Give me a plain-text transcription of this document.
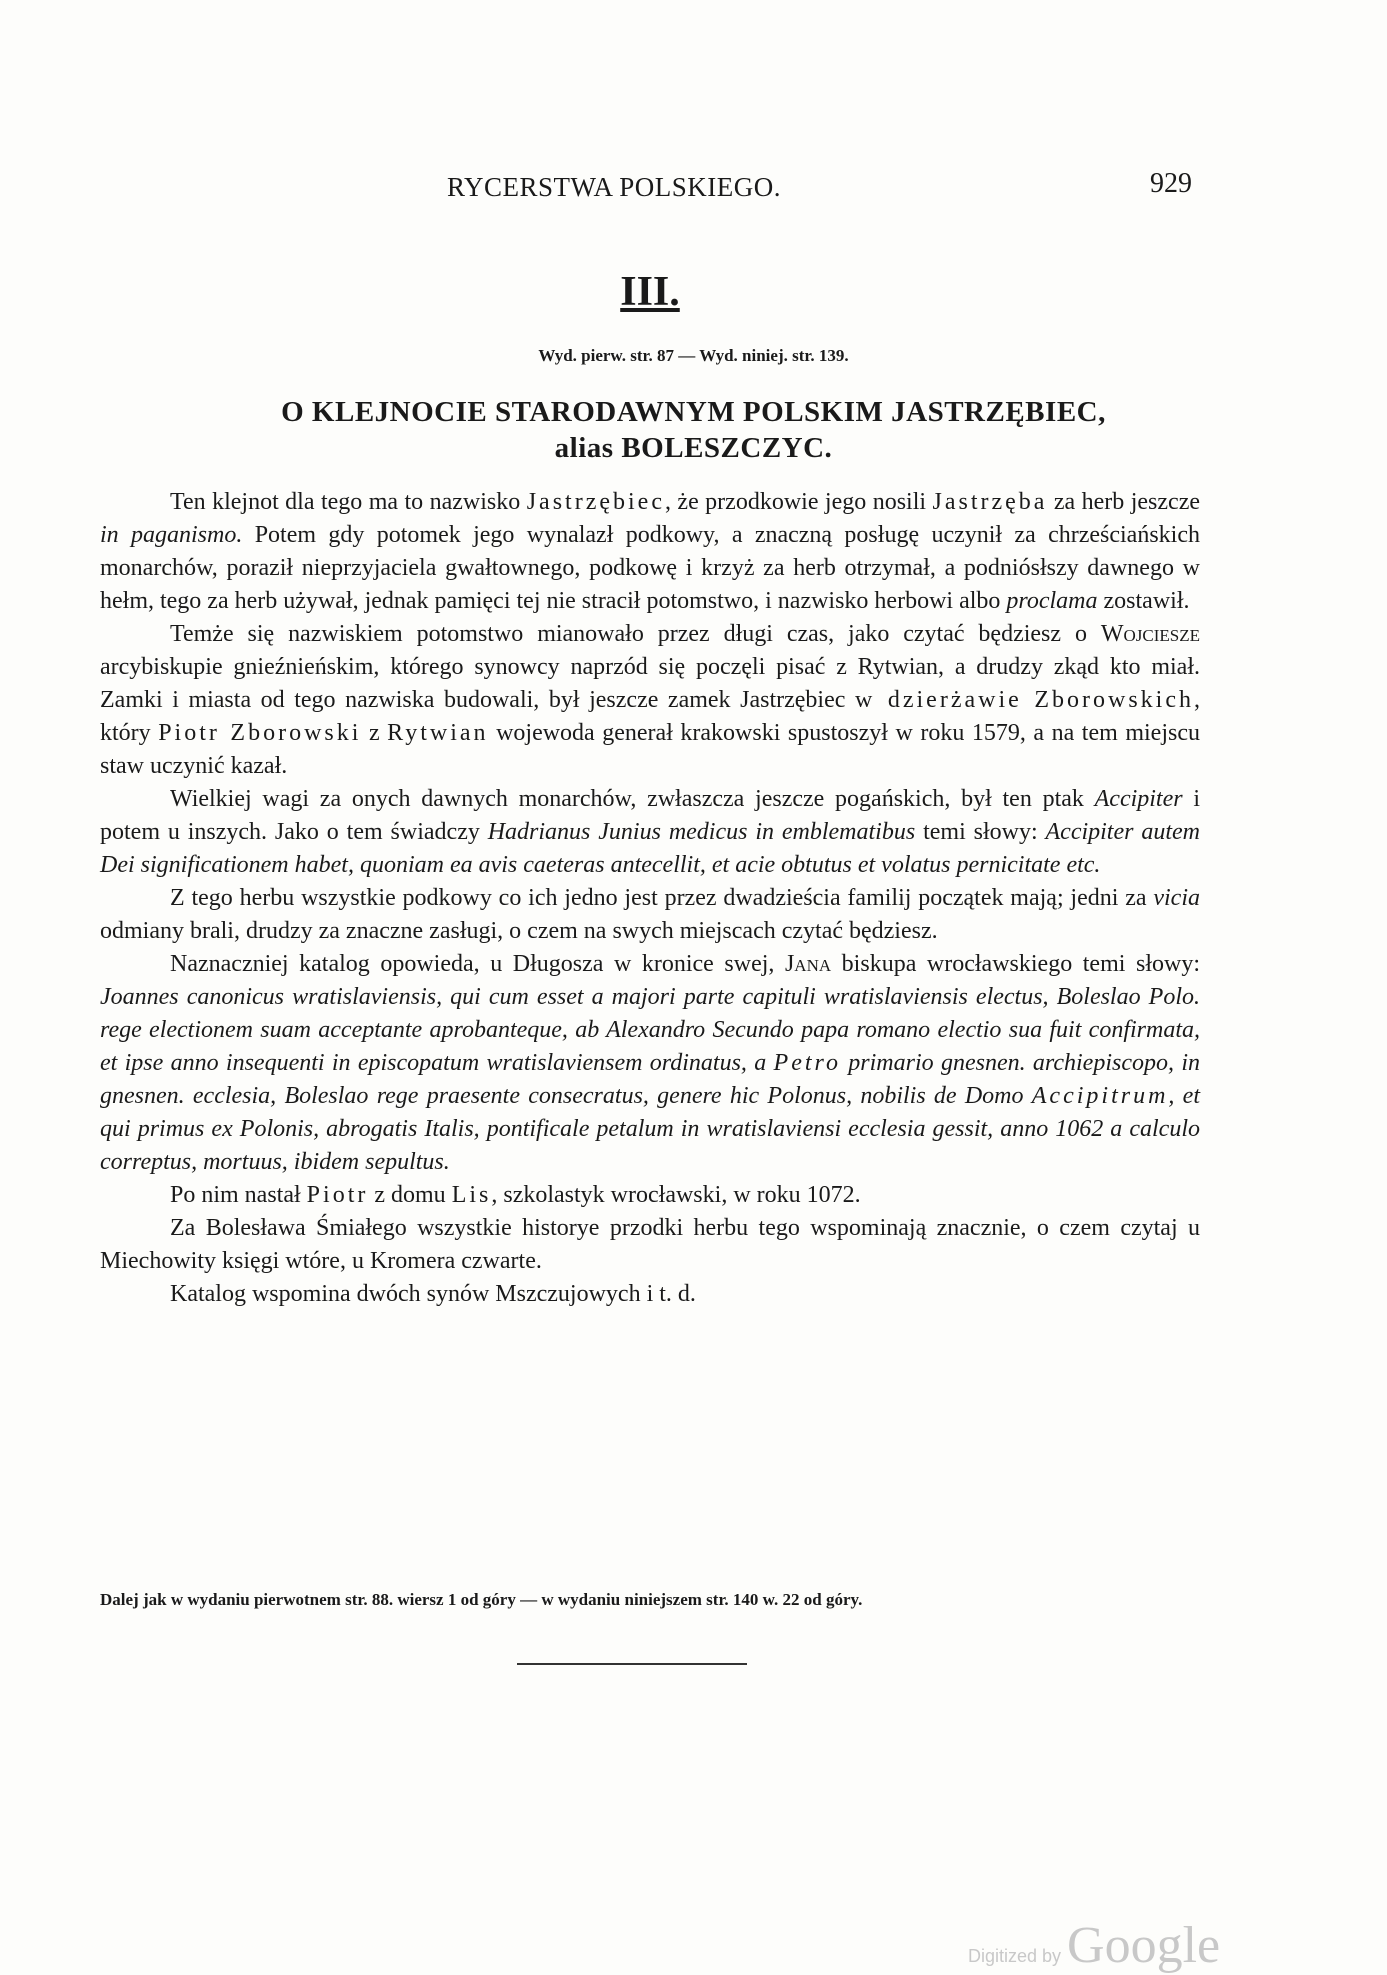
RYCERSTWA POLSKIEGO.	929
III.
Wyd. pierw. str. 87 — Wyd. niniej. str. 139.
O KLEJNOCIE STARODAWNYM POLSKIM JASTRZĘBIEC,
alias BOLESZCZYC.

Ten klejnot dla tego ma to nazwisko Jastrzębiec, że przodkowie jego nosili Jastrzęba za herb jeszcze in paganismo. Potem gdy potomek jego wynalazł podkowy, a znaczną posługę uczynił za chrześciańskich monarchów, poraził nieprzyjaciela gwałtownego, podkowę i krzyż za herb otrzymał, a podniósłszy dawnego w hełm, tego za herb używał, jednak pamięci tej nie stracił potomstwo, i nazwisko herbowi albo proclama zostawił.

Temże się nazwiskiem potomstwo mianowało przez długi czas, jako czytać będziesz o Wojciesze arcybiskupie gnieźnieńskim, którego synowcy naprzód się poczęli pisać z Rytwian, a drudzy zkąd kto miał. Zamki i miasta od tego nazwiska budowali, był jeszcze zamek Jastrzębiec w dzierżawie Zborowskich, który Piotr Zborowski z Rytwian wojewoda generał krakowski spustoszył w roku 1579, a na tem miejscu staw uczynić kazał.

Wielkiej wagi za onych dawnych monarchów, zwłaszcza jeszcze pogańskich, był ten ptak Accipiter i potem u inszych. Jako o tem świadczy Hadrianus Junius medicus in emblematibus temi słowy: Accipiter autem Dei significationem habet, quoniam ea avis caeteras antecellit, et acie obtutus et volatus pernicitate etc.

Z tego herbu wszystkie podkowy co ich jedno jest przez dwadzieścia familij początek mają; jedni za vicia odmiany brali, drudzy za znaczne zasługi, o czem na swych miejscach czytać będziesz.

Naznaczniej katalog opowieda, u Długosza w kronice swej, Jana biskupa wrocławskiego temi słowy: Joannes canonicus wratislaviensis, qui cum esset a majori parte capituli wratislaviensis electus, Boleslao Polo. rege electionem suam acceptante aprobanteque, ab Alexandro Secundo papa romano electio sua fuit confirmata, et ipse anno insequenti in episcopatum wratislaviensem ordinatus, a Petro primario gnesnen. archiepiscopo, in gnesnen. ecclesia, Boleslao rege praesente consecratus, genere hic Polonus, nobilis de Domo Accipitrum, et qui primus ex Polonis, abrogatis Italis, pontificale petalum in wratislaviensi ecclesia gessit, anno 1062 a calculo correptus, mortuus, ibidem sepultus.

Po nim nastał Piotr z domu Lis, szkolastyk wrocławski, w roku 1072.

Za Bolesława Śmiałego wszystkie historye przodki herbu tego wspominają znacznie, o czem czytaj u Miechowity księgi wtóre, u Kromera czwarte.

Katalog wspomina dwóch synów Mszczujowych i t. d.

Dalej jak w wydaniu pierwotnem str. 88. wiersz 1 od góry — w wydaniu niniejszem str. 140 w. 22 od góry.
Digitized by Google
